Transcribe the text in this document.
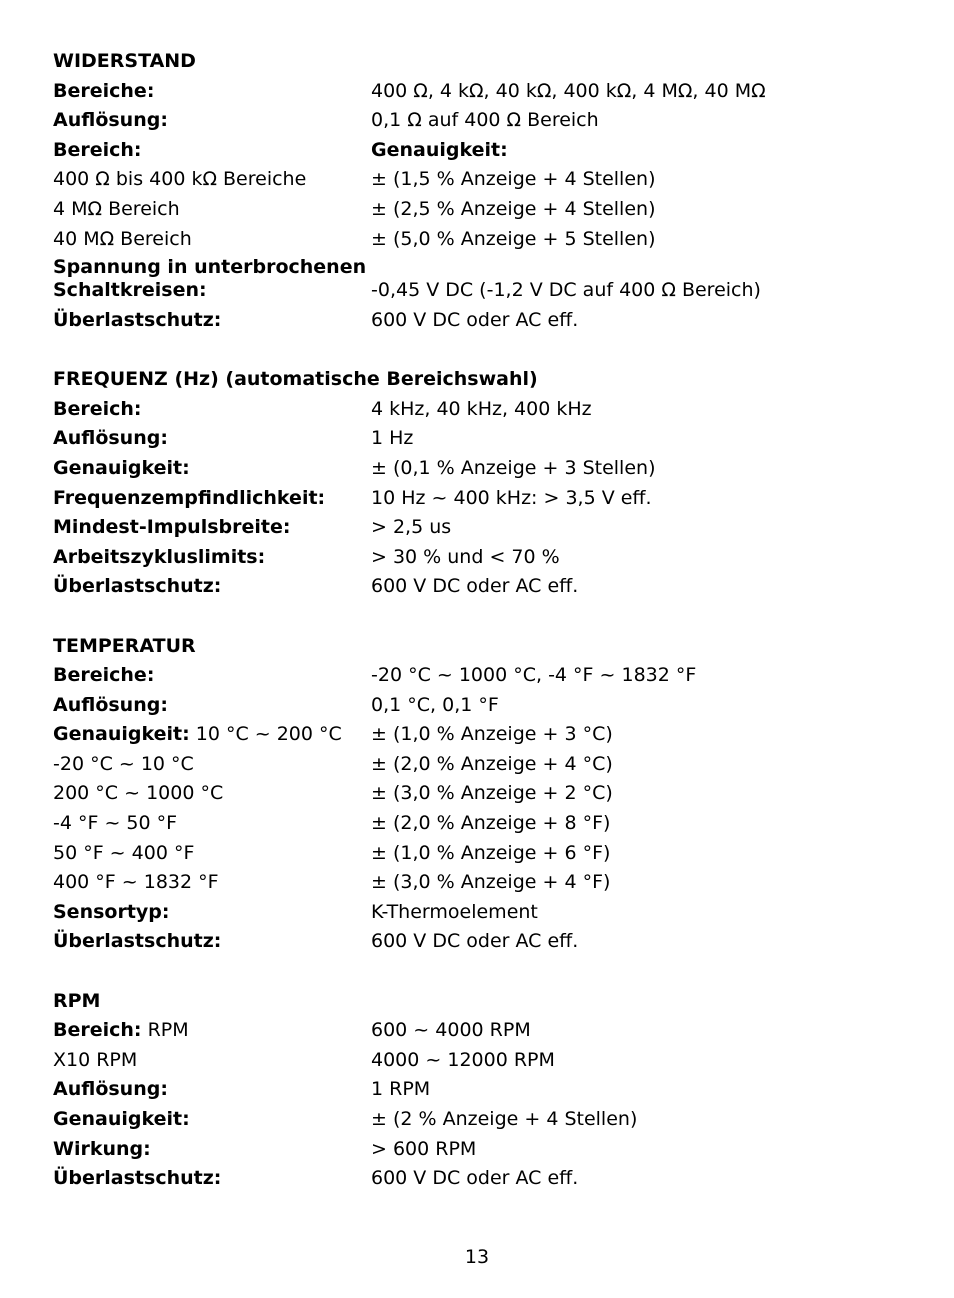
WIDERSTAND
Bereiche:	400 Ω, 4 kΩ, 40 kΩ, 400 kΩ, 4 MΩ, 40 MΩ
Auflösung:	0,1 Ω auf 400 Ω Bereich
Bereich:	Genauigkeit:
400 Ω bis 400 kΩ Bereiche	± (1,5 % Anzeige + 4 Stellen)
4 MΩ Bereich	± (2,5 % Anzeige + 4 Stellen)
40 MΩ Bereich	± (5,0 % Anzeige + 5 Stellen)
Spannung in unterbrochenen
Schaltkreisen:	-0,45 V DC (-1,2 V DC auf 400 Ω Bereich)
Überlastschutz:	600 V DC oder AC eff.
FREQUENZ (Hz) (automatische Bereichswahl)
Bereich:	4 kHz, 40 kHz, 400 kHz
Auflösung:	1 Hz
Genauigkeit:	± (0,1 % Anzeige + 3 Stellen)
Frequenzempfindlichkeit:	10 Hz ~ 400 kHz: > 3,5 V eff.
Mindest-Impulsbreite:	> 2,5 us
Arbeitszykluslimits:	> 30 % und < 70 %
Überlastschutz:	600 V DC oder AC eff.
TEMPERATUR
Bereiche:	-20 °C ~ 1000 °C, -4 °F ~ 1832 °F
Auflösung:	0,1 °C, 0,1 °F
Genauigkeit: 10 °C ~ 200 °C	± (1,0 % Anzeige + 3 °C)
-20 °C ~ 10 °C	± (2,0 % Anzeige + 4 °C)
200 °C ~ 1000 °C	± (3,0 % Anzeige + 2 °C)
-4 °F ~ 50 °F	± (2,0 % Anzeige + 8 °F)
50 °F ~ 400 °F	± (1,0 % Anzeige + 6 °F)
400 °F ~ 1832 °F	± (3,0 % Anzeige + 4 °F)
Sensortyp:	K-Thermoelement
Überlastschutz:	600 V DC oder AC eff.
RPM
Bereich: RPM	600 ~ 4000 RPM
X10 RPM	4000 ~ 12000 RPM
Auflösung:	1 RPM
Genauigkeit:	± (2 % Anzeige + 4 Stellen)
Wirkung:	> 600 RPM
Überlastschutz:	600 V DC oder AC eff.
13
